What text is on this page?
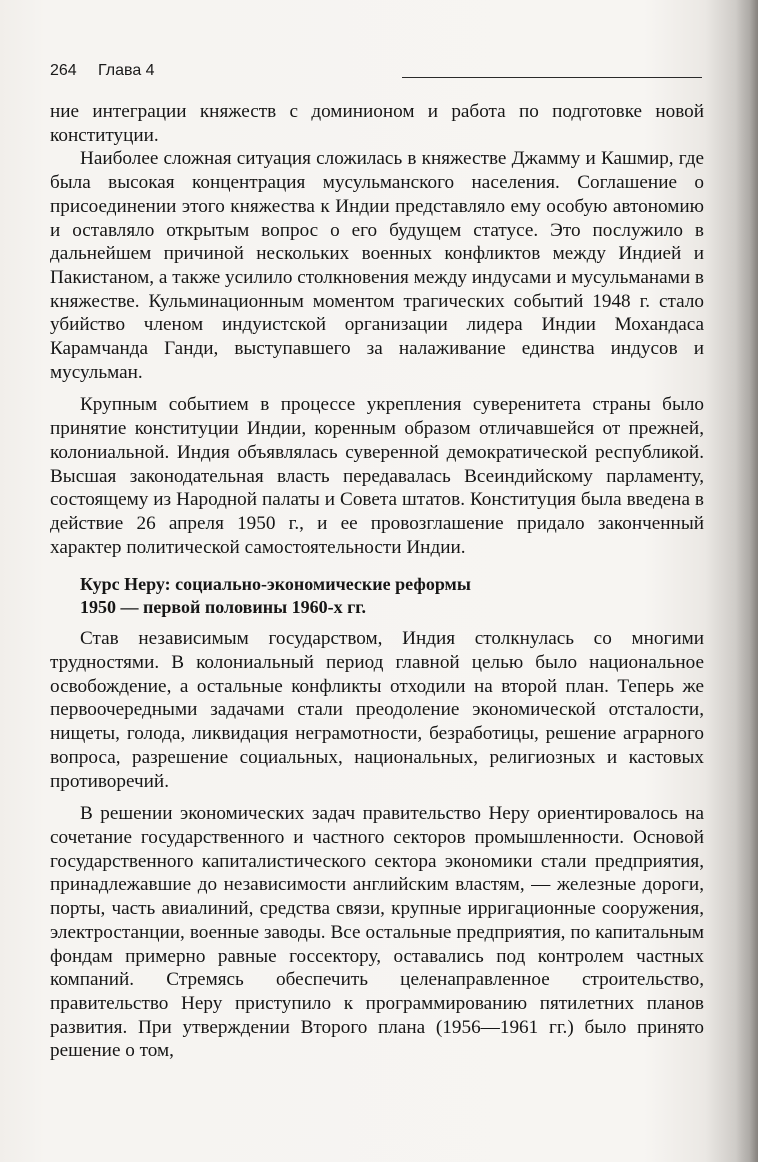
264 Глава 4

ние интеграции княжеств с доминионом и работа по подготовке новой конституции.

Наиболее сложная ситуация сложилась в княжестве Джамму и Кашмир, где была высокая концентрация мусульманского населения. Соглашение о присоединении этого княжества к Индии представляло ему особую автономию и оставляло открытым вопрос о его будущем статусе. Это послужило в дальнейшем причиной нескольких военных конфликтов между Индией и Пакистаном, а также усилило столкновения между индусами и мусульманами в княжестве. Кульминационным моментом трагических событий 1948 г. стало убийство членом индуистской организации лидера Индии Мохандаса Карамчанда Ганди, выступавшего за налаживание единства индусов и мусульман.

Крупным событием в процессе укрепления суверенитета страны было принятие конституции Индии, коренным образом отличавшейся от прежней, колониальной. Индия объявлялась суверенной демократической республикой. Высшая законодательная власть передавалась Всеиндийскому парламенту, состоящему из Народной палаты и Совета штатов. Конституция была введена в действие 26 апреля 1950 г., и ее провозглашение придало законченный характер политической самостоятельности Индии.

Курс Неру: социально-экономические реформы
1950 — первой половины 1960-х гг.

Став независимым государством, Индия столкнулась со многими трудностями. В колониальный период главной целью было национальное освобождение, а остальные конфликты отходили на второй план. Теперь же первоочередными задачами стали преодоление экономической отсталости, нищеты, голода, ликвидация неграмотности, безработицы, решение аграрного вопроса, разрешение социальных, национальных, религиозных и кастовых противоречий.

В решении экономических задач правительство Неру ориентировалось на сочетание государственного и частного секторов промышленности. Основой государственного капиталистического сектора экономики стали предприятия, принадлежавшие до независимости английским властям, — железные дороги, порты, часть авиалиний, средства связи, крупные ирригационные сооружения, электростанции, военные заводы. Все остальные предприятия, по капитальным фондам примерно равные госсектору, оставались под контролем частных компаний. Стремясь обеспечить целенаправленное строительство, правительство Неру приступило к программированию пятилетних планов развития. При утверждении Второго плана (1956—1961 гг.) было принято решение о том,
